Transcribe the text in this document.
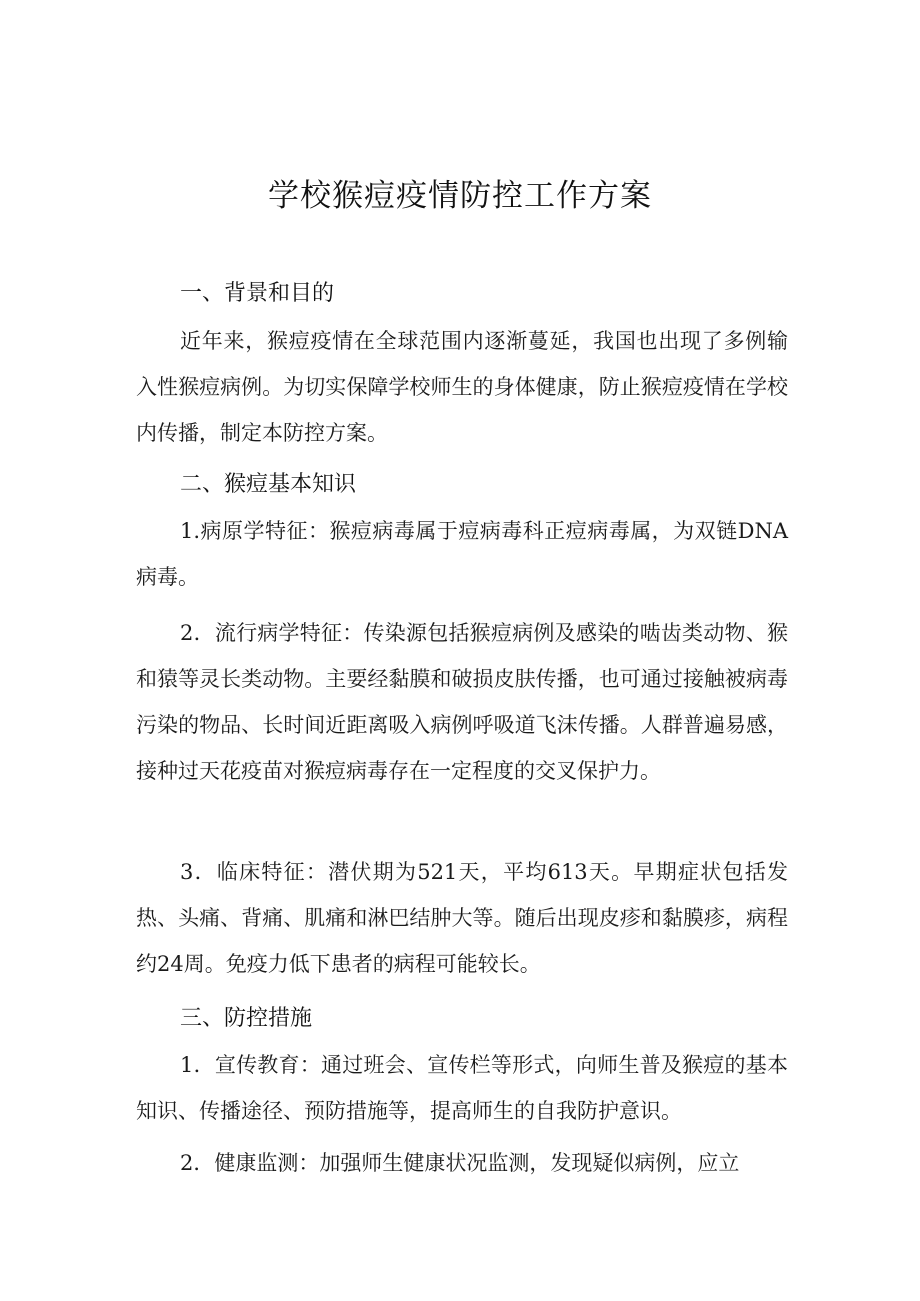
学校猴痘疫情防控工作方案
一、背景和目的
近年来，猴痘疫情在全球范围内逐渐蔓延，我国也出现了多例输入性猴痘病例。为切实保障学校师生的身体健康，防止猴痘疫情在学校内传播，制定本防控方案。
二、猴痘基本知识
1.病原学特征：猴痘病毒属于痘病毒科正痘病毒属，为双链DNA病毒。
2．流行病学特征：传染源包括猴痘病例及感染的啮齿类动物、猴和猿等灵长类动物。主要经黏膜和破损皮肤传播，也可通过接触被病毒污染的物品、长时间近距离吸入病例呼吸道飞沫传播。人群普遍易感，接种过天花疫苗对猴痘病毒存在一定程度的交叉保护力。
3．临床特征：潜伏期为521天，平均613天。早期症状包括发热、头痛、背痛、肌痛和淋巴结肿大等。随后出现皮疹和黏膜疹，病程约24周。免疫力低下患者的病程可能较长。
三、防控措施
1．宣传教育：通过班会、宣传栏等形式，向师生普及猴痘的基本知识、传播途径、预防措施等，提高师生的自我防护意识。
2．健康监测：加强师生健康状况监测，发现疑似病例，应立
